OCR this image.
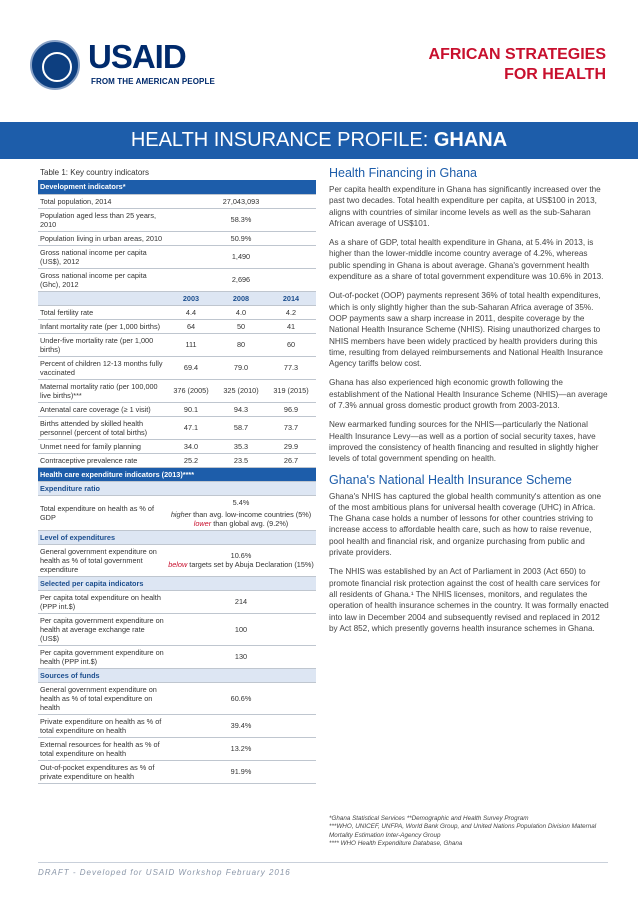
USAID
FROM THE AMERICAN PEOPLE
AFRICAN STRATEGIES
FOR HEALTH
HEALTH INSURANCE PROFILE: GHANA
Table 1: Key country indicators
Development indicators*			
Total population, 2014	27,043,093		
Population aged less than 25 years, 2010	58.3%		
Population living in urban areas, 2010	50.9%		
Gross national income per capita (US$), 2012	1,490		
Gross national income per capita (Ghc), 2012	2,696		
	2003	2008	2014
Total fertility rate	4.4	4.0	4.2
Infant mortality rate (per 1,000 births)	64	50	41
Under-five mortality rate (per 1,000 births)	111	80	60
Percent of children 12-13 months fully vaccinated	69.4	79.0	77.3
Maternal mortality ratio (per 100,000 live births)***	376 (2005)	325 (2010)	319 (2015)
Antenatal care coverage (≥ 1 visit)	90.1	94.3	96.9
Births attended by skilled health personnel (percent of total births)	47.1	58.7	73.7
Unmet need for family planning	34.0	35.3	29.9
Contraceptive prevalence rate	25.2	23.5	26.7
Health care expenditure indicators (2013)****			
Expenditure ratio			
Total expenditure on health as % of GDP	5.4%
higher than avg. low-income countries (5%)
lower than global avg. (9.2%)		

Level of expenditures			
General government expenditure on health as % of total government expenditure	10.6%
below targets set by Abuja Declaration (15%)		

Selected per capita indicators			
Per capita total expenditure on health (PPP int.$)	214		
Per capita government expenditure on health at average exchange rate (US$)	100		
Per capita government expenditure on health (PPP int.$)	130		
Sources of funds			
General government expenditure on health as % of total expenditure on health	60.6%		
Private expenditure on health as % of total expenditure on health	39.4%		
External resources for health as % of total expenditure on health	13.2%		
Out-of-pocket expenditures as % of private expenditure on health	91.9%		
Health Financing in Ghana

Per capita health expenditure in Ghana has significantly increased over the past two decades. Total health expenditure per capita, at US$100 in 2013, aligns with countries of similar income levels as well as the sub-Saharan African average of US$101.

As a share of GDP, total health expenditure in Ghana, at 5.4% in 2013, is higher than the lower-middle income country average of 4.2%, whereas public spending in Ghana is about average. Ghana's government health expenditure as a share of total government expenditure was 10.6% in 2013.

Out-of-pocket (OOP) payments represent 36% of total health expenditures, which is only slightly higher than the sub-Saharan Africa average of 35%. OOP payments saw a sharp increase in 2011, despite coverage by the National Health Insurance Scheme (NHIS). Rising unauthorized charges to NHIS members have been widely practiced by health providers during this time, resulting from delayed reimbursements and National Health Insurance Agency tariffs below cost.

Ghana has also experienced high economic growth following the establishment of the National Health Insurance Scheme (NHIS)—an average of 7.3% annual gross domestic product growth from 2003-2013.

New earmarked funding sources for the NHIS—particularly the National Health Insurance Levy—as well as a portion of social security taxes, have improved the consistency of health financing and resulted in slightly higher levels of total government spending on health.

Ghana's National Health Insurance Scheme

Ghana's NHIS has captured the global health community's attention as one of the most ambitious plans for universal health coverage (UHC) in Africa. The Ghana case holds a number of lessons for other countries striving to increase access to affordable health care, such as how to raise revenue, pool health and financial risk, and organize purchasing from public and private providers.

The NHIS was established by an Act of Parliament in 2003 (Act 650) to promote financial risk protection against the cost of health care services for all residents of Ghana.¹ The NHIS licenses, monitors, and regulates the operation of health insurance schemes in the country. It was formally enacted into law in December 2004 and subsequently revised and replaced in 2012 by Act 852, which presently governs health insurance schemes in Ghana.

*Ghana Statistical Services **Demographic and Health Survey Program
***WHO, UNICEF, UNFPA, World Bank Group, and United Nations Population Division Maternal Mortality Estimation Inter-Agency Group
**** WHO Health Expenditure Database, Ghana
DRAFT - Developed for USAID Workshop February 2016
